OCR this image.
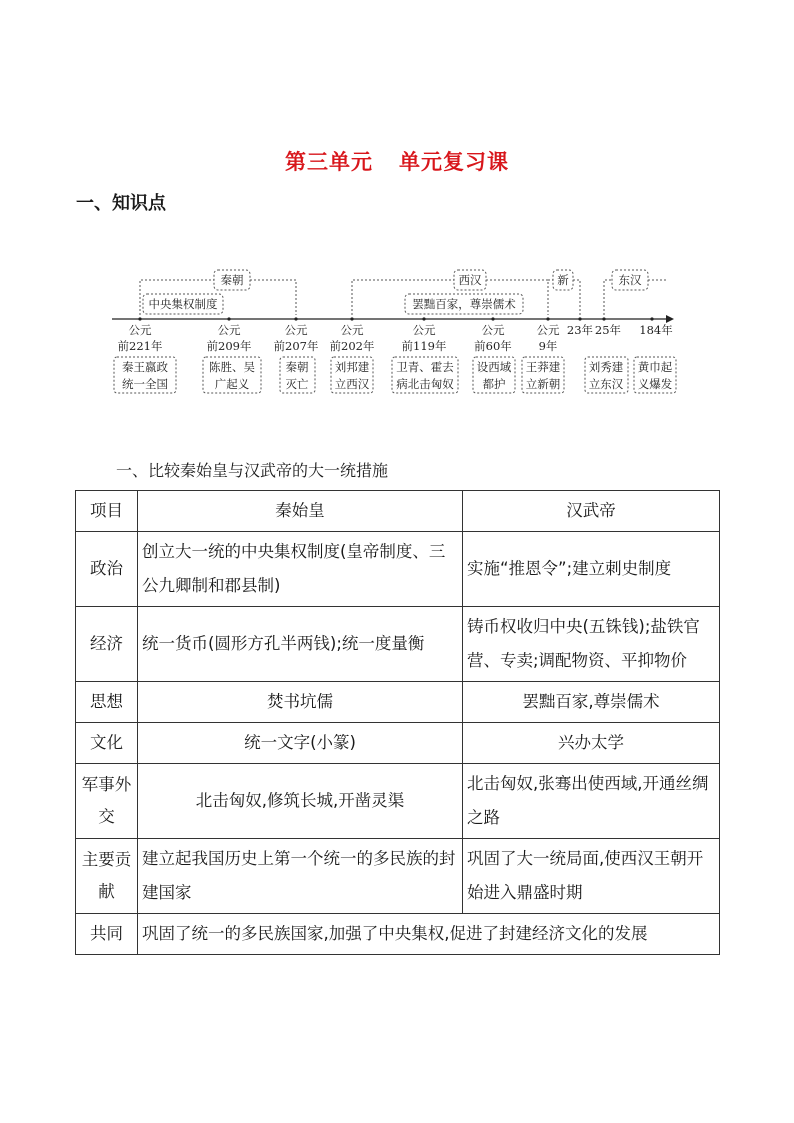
第三单元 单元复习课
一、知识点
秦朝	西汉	新	东汉
中央集权制度	罢黜百家，尊崇儒术
公元
前221年
公元
前209年
公元
前207年
公元
前202年
公元
前119年
公元
前60年
公元
9年
23年 25年 184年
秦王嬴政
统一全国
陈胜、吴
广起义
秦朝
灭亡
刘邦建
立西汉
卫青、霍去
病北击匈奴
设西域
都护
王莽建
立新朝
刘秀建
立东汉
黄巾起
义爆发
一、比较秦始皇与汉武帝的大一统措施
项目	秦始皇	汉武帝
政治	创立大一统的中央集权制度(皇帝制度、三公九卿制和郡县制)	实施“推恩令”;建立刺史制度
经济	统一货币(圆形方孔半两钱);统一度量衡	铸币权收归中央(五铢钱);盐铁官营、专卖;调配物资、平抑物价
思想	焚书坑儒	罢黜百家,尊崇儒术
文化	统一文字(小篆)	兴办太学
军事外交	北击匈奴,修筑长城,开凿灵渠	北击匈奴,张骞出使西域,开通丝绸之路
主要贡献	建立起我国历史上第一个统一的多民族的封建国家	巩固了大一统局面,使西汉王朝开始进入鼎盛时期
共同	巩固了统一的多民族国家,加强了中央集权,促进了封建经济文化的发展	
